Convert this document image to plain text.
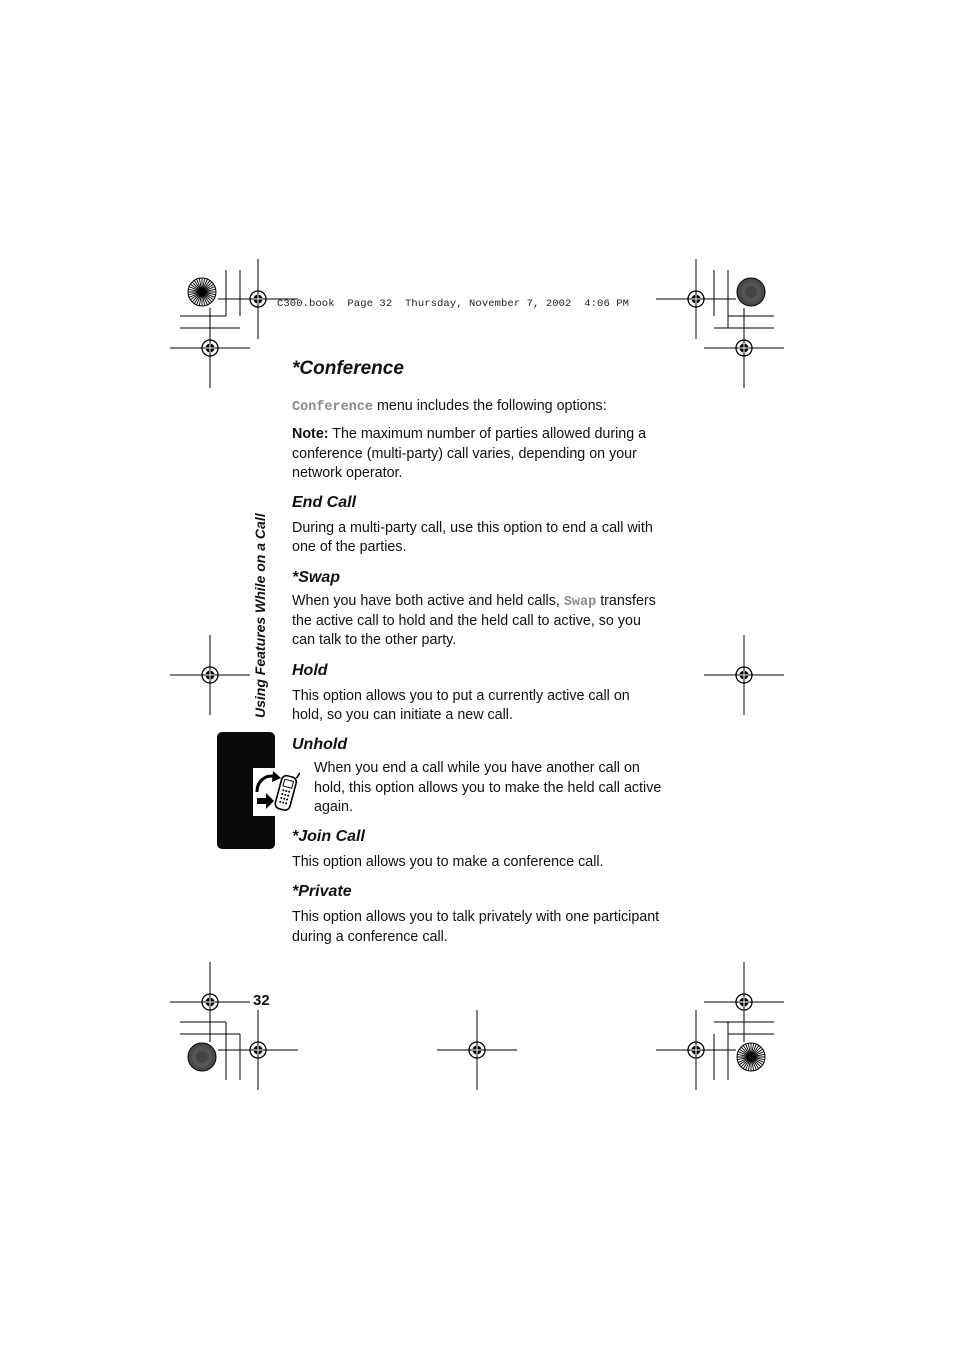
C300.book  Page 32  Thursday, November 7, 2002  4:06 PM
Using Features While on a Call
*Conference

Conference menu includes the following options:

Note: The maximum number of parties allowed during a conference (multi-party) call varies, depending on your network operator.

End Call

During a multi-party call, use this option to end a call with one of the parties.

*Swap

When you have both active and held calls, Swap transfers the active call to hold and the held call to active, so you can talk to the other party.

Hold

This option allows you to put a currently active call on hold, so you can initiate a new call.

Unhold

When you end a call while you have another call on hold, this option allows you to make the held call active again.

*Join Call

This option allows you to make a conference call.

*Private

This option allows you to talk privately with one participant during a conference call.

32
